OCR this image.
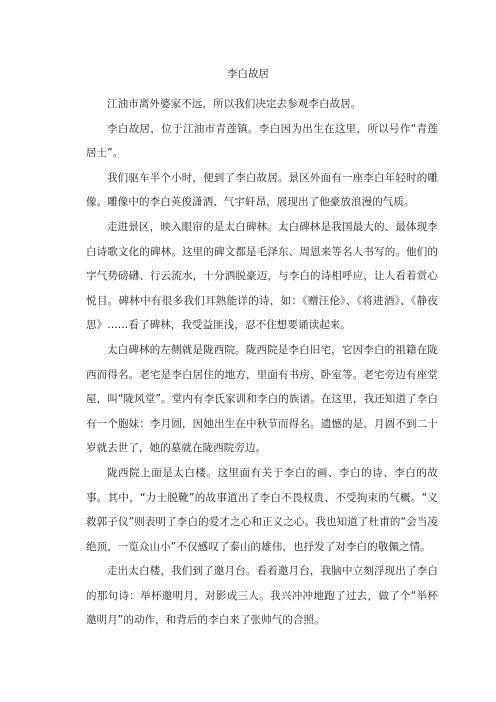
李白故居

江油市离外婆家不远，所以我们决定去参观李白故居。

李白故居，位于江油市青莲镇。李白因为出生在这里，所以号作“青莲居士”。

我们驱车半个小时，便到了李白故居。景区外面有一座李白年轻时的雕像。雕像中的李白英俊潇洒、气宇轩昂，展现出了他豪放浪漫的气质。

走进景区，映入眼帘的是太白碑林。太白碑林是我国最大的、最体现李白诗歌文化的碑林。这里的碑文都是毛泽东、周恩来等名人书写的。他们的字气势磅礴、行云流水，十分洒脱豪迈，与李白的诗相呼应，让人看着赏心悦目。碑林中有很多我们耳熟能详的诗，如：《赠汪伦》、《将进酒》、《静夜思》……看了碑林，我受益匪浅，忍不住想要诵读起来。

太白碑林的左侧就是陇西院。陇西院是李白旧宅，它因李白的祖籍在陇西而得名。老宅是李白居住的地方，里面有书房、卧室等。老宅旁边有座堂屋，叫“陇风堂”。堂内有李氏家训和李白的族谱。在这里，我还知道了李白有一个胞妹：李月圆，因她出生在中秋节而得名。遗憾的是，月圆不到二十岁就去世了，她的墓就在陇西院旁边。

陇西院上面是太白楼。这里面有关于李白的画、李白的诗、李白的故事。其中，“力士脱靴”的故事道出了李白不畏权贵、不受拘束的气概。“义救郭子仪”则表明了李白的爱才之心和正义之心。我也知道了杜甫的“会当凌绝顶，一览众山小”不仅感叹了泰山的雄伟，也抒发了对李白的敬佩之情。

走出太白楼，我们到了邀月台。看着邀月台，我脑中立刻浮现出了李白的那句诗：举杯邀明月，对影成三人。我兴冲冲地跑了过去，做了个“举杯邀明月”的动作，和背后的李白来了张帅气的合照。
